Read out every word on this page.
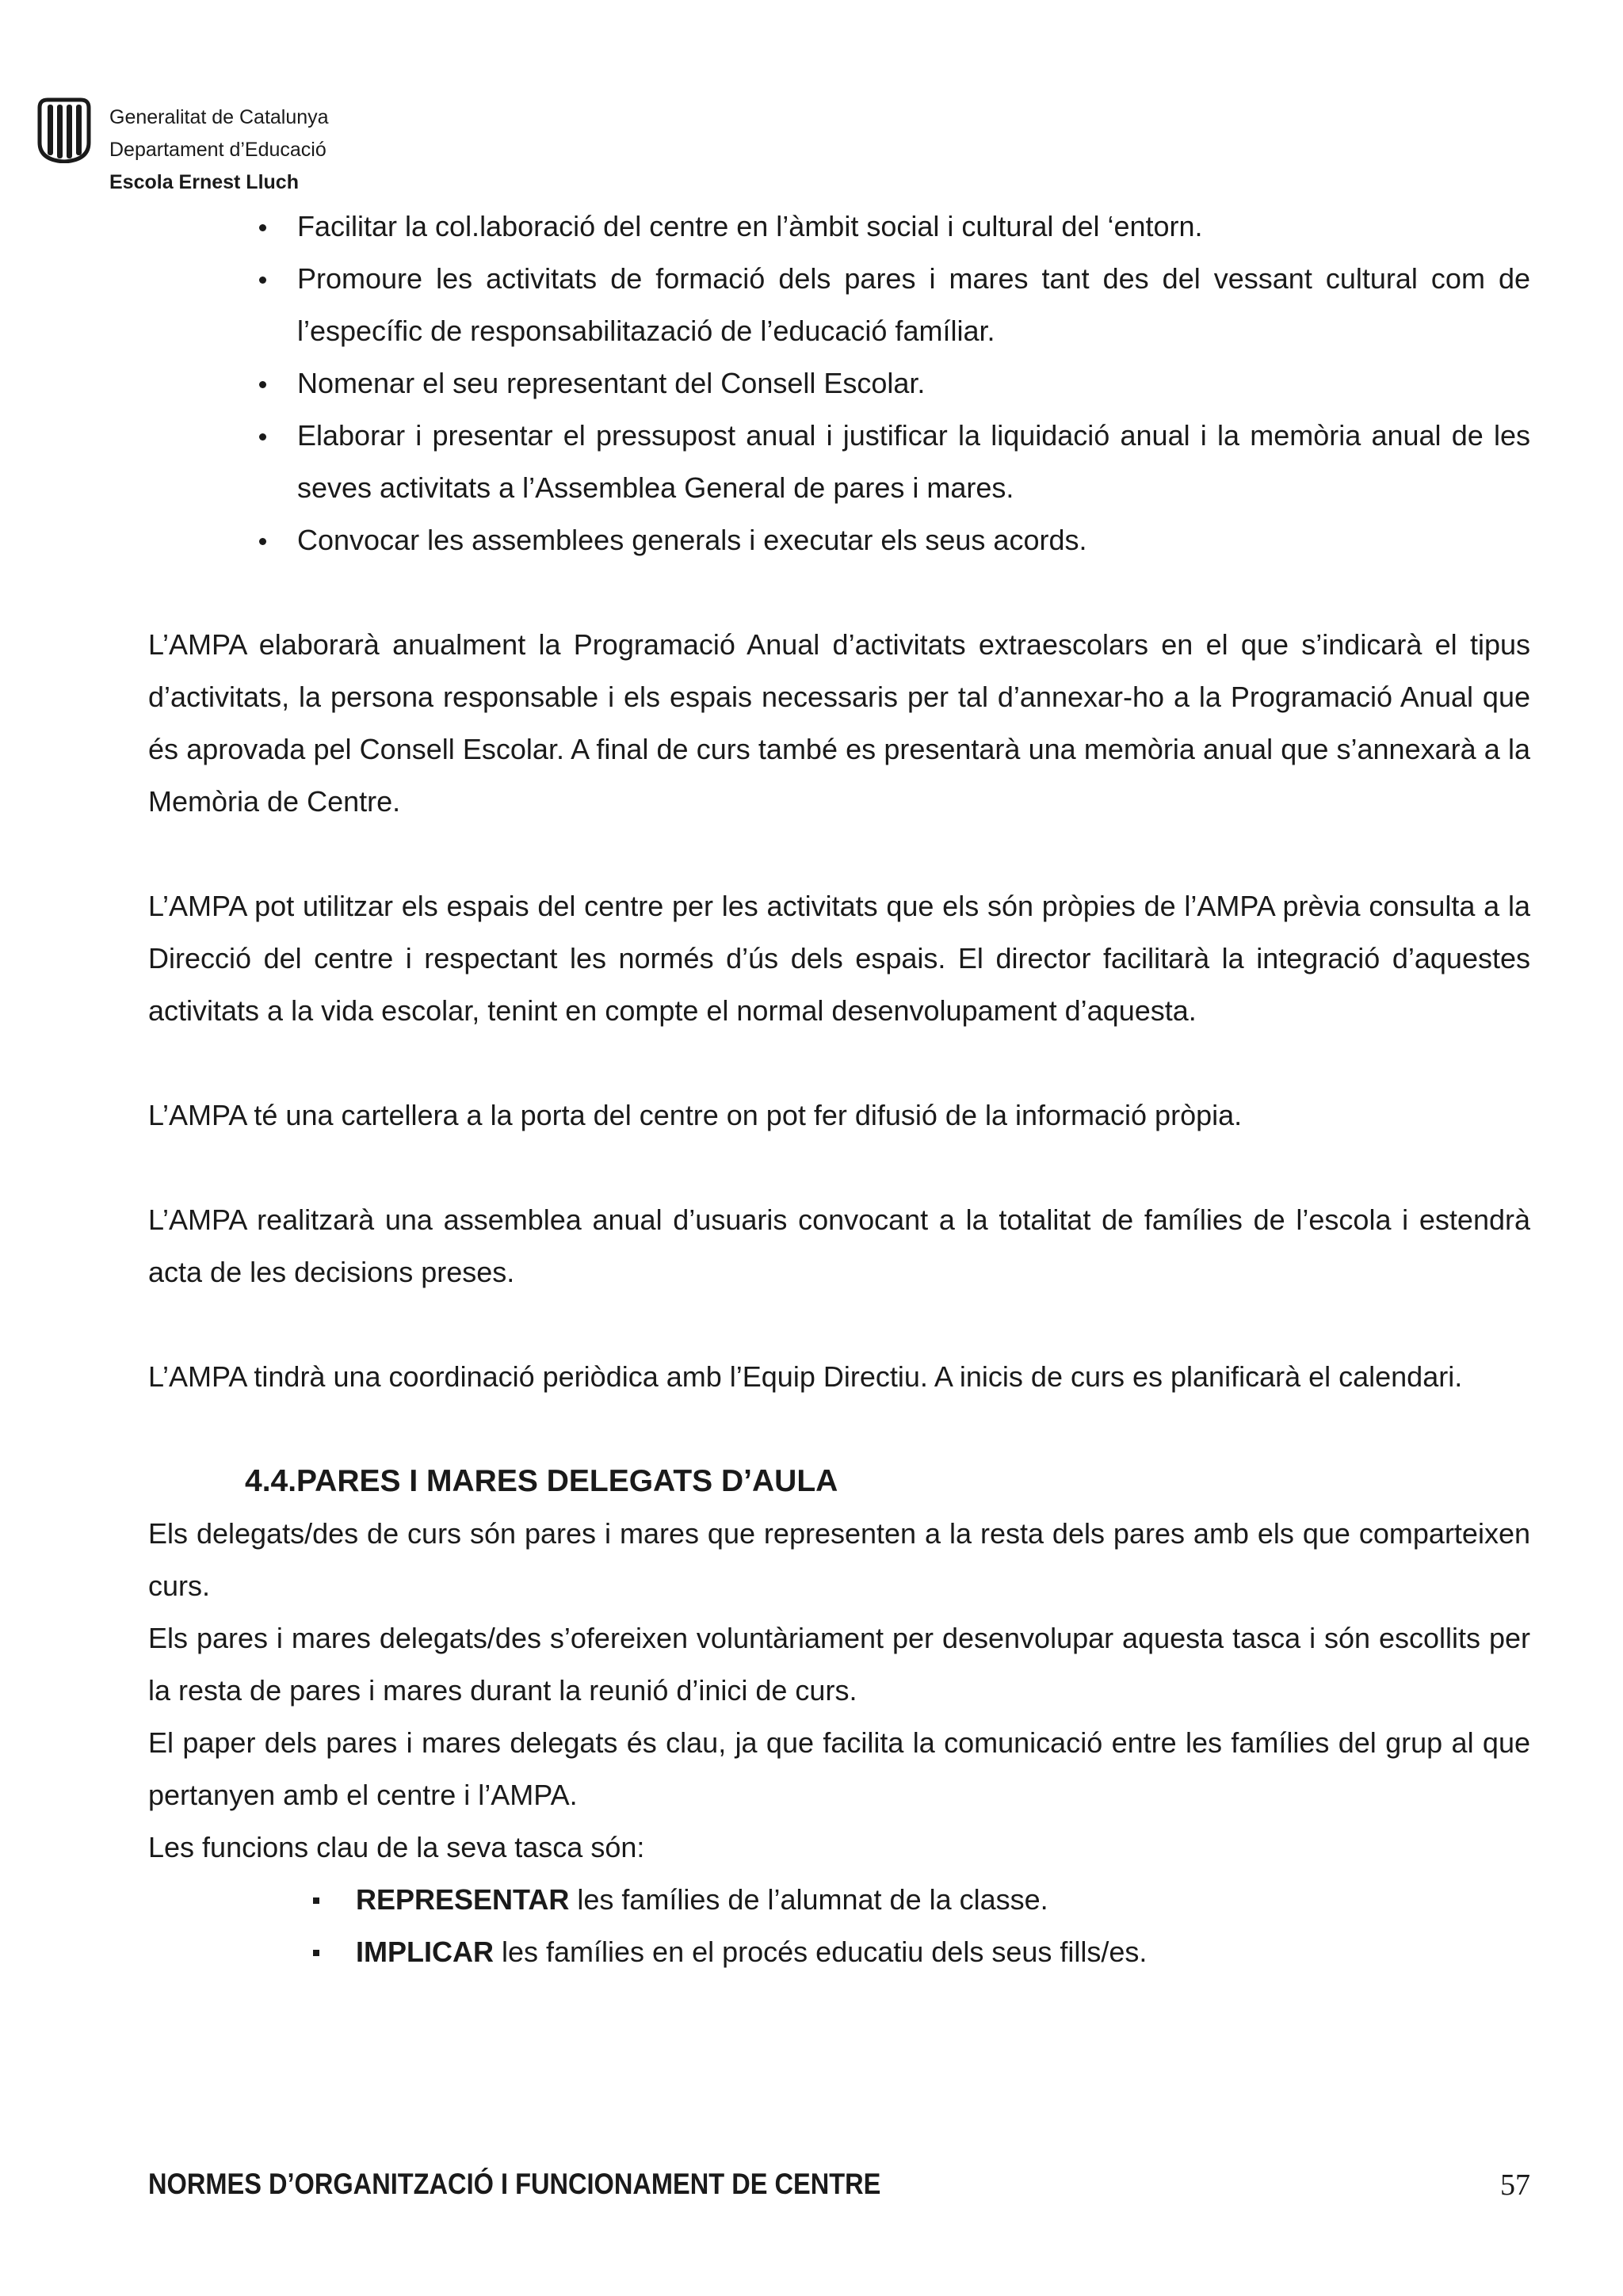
Generalitat de Catalunya
Departament d’Educació
Escola Ernest Lluch
Facilitar la col.laboració del centre en l’àmbit social i cultural del ‘entorn.
Promoure les activitats de formació dels pares i mares tant des del vessant cultural com de l’específic de responsabilitazació de l’educació famíliar.
Nomenar el seu representant del Consell Escolar.
Elaborar i presentar el pressupost anual i justificar la liquidació anual i la memòria anual de les seves activitats a l’Assemblea General de pares i mares.
Convocar les assemblees generals i executar els seus acords.

L’AMPA elaborarà anualment la Programació Anual d’activitats extraescolars en el que s’indicarà el tipus d’activitats, la persona responsable i els espais necessaris per tal d’annexar-ho a la Programació Anual que és aprovada pel Consell Escolar. A final de curs també es presentarà una memòria anual que s’annexarà a la Memòria de Centre.

L’AMPA pot utilitzar els espais del centre per les activitats que els són pròpies de l’AMPA prèvia consulta a la Direcció del centre i respectant les normés d’ús dels espais. El director facilitarà la integració d’aquestes activitats a la vida escolar, tenint en compte el normal desenvolupament d’aquesta.

L’AMPA té una cartellera a la porta del centre on pot fer difusió de la informació pròpia.

L’AMPA realitzarà una assemblea anual d’usuaris convocant a la totalitat de famílies de l’escola i estendrà acta de les decisions preses.

L’AMPA tindrà una coordinació periòdica amb l’Equip Directiu. A inicis de curs es planificarà el calendari.

4.4.PARES I MARES DELEGATS D’AULA

Els delegats/des de curs són pares i mares que representen a la resta dels pares amb els que comparteixen curs.

Els pares i mares delegats/des s’ofereixen voluntàriament per desenvolupar aquesta tasca i són escollits per la resta de pares i mares durant la reunió d’inici de curs.

El paper dels pares i mares delegats és clau, ja que facilita la comunicació entre les famílies del grup al que pertanyen amb el centre i l’AMPA.

Les funcions clau de la seva tasca són:

REPRESENTAR les famílies de l’alumnat de la classe.
IMPLICAR les famílies en el procés educatiu dels seus fills/es.
NORMES D’ORGANITZACIÓ I FUNCIONAMENT DE CENTRE	57
